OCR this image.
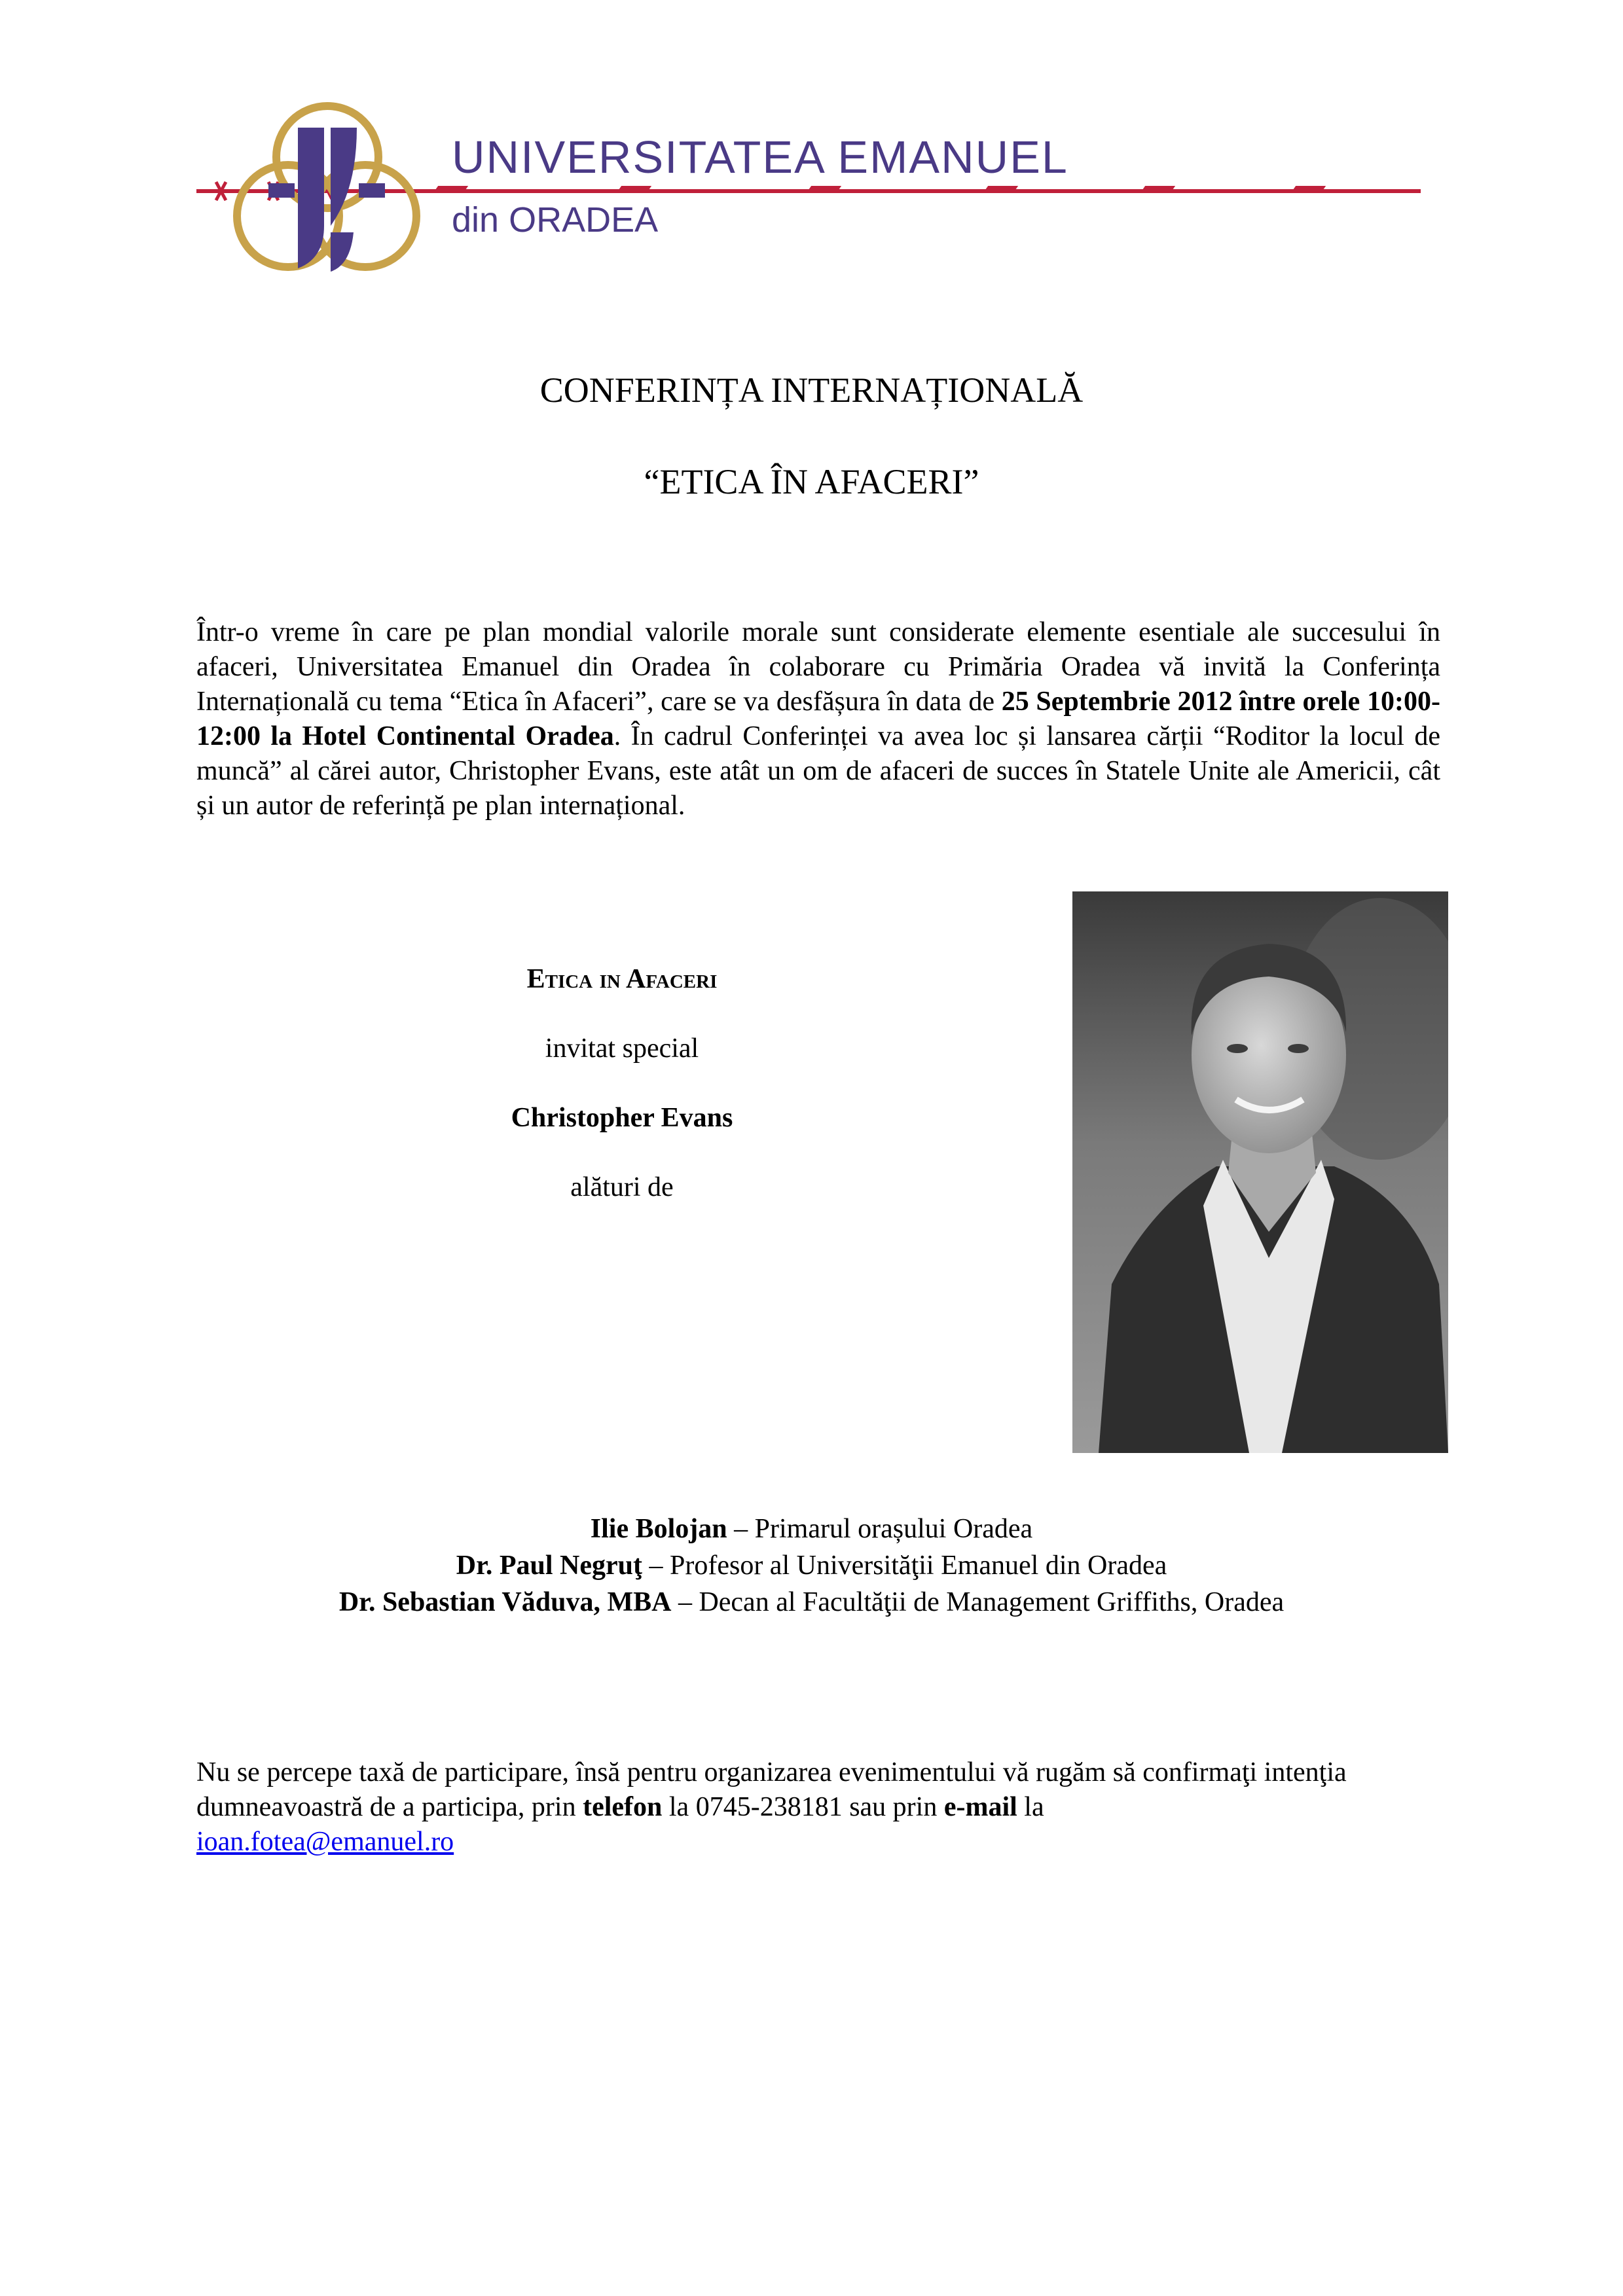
UNIVERSITATEA EMANUEL

din ORADEA

CONFERINȚA INTERNAȚIONALĂ
“ETICA ÎN AFACERI”

Într-o vreme în care pe plan mondial valorile morale sunt considerate elemente esentiale ale succesului în afaceri, Universitatea Emanuel din Oradea în colaborare cu Primăria Oradea vă invită la Conferința Internațională cu tema “Etica în Afaceri”, care se va desfășura în data de 25 Septembrie 2012 între orele 10:00-12:00 la Hotel Continental Oradea. În cadrul Conferinței va avea loc și lansarea cărții “Roditor la locul de muncă” al cărei autor, Christopher Evans, este atât un om de afaceri de succes în Statele Unite ale Americii, cât și un autor de referință pe plan internațional.

Etica in Afaceri

invitat special

Christopher Evans

alături de

Ilie Bolojan – Primarul orașului Oradea

Dr. Paul Negruţ – Profesor al Universităţii Emanuel din Oradea

Dr. Sebastian Văduva, MBA – Decan al Facultăţii de Management Griffiths, Oradea

Nu se percepe taxă de participare, însă pentru organizarea evenimentului vă rugăm să confirmaţi intenţia dumneavoastră de a participa, prin telefon la 0745-238181 sau prin e-mail la
ioan.fotea@emanuel.ro
